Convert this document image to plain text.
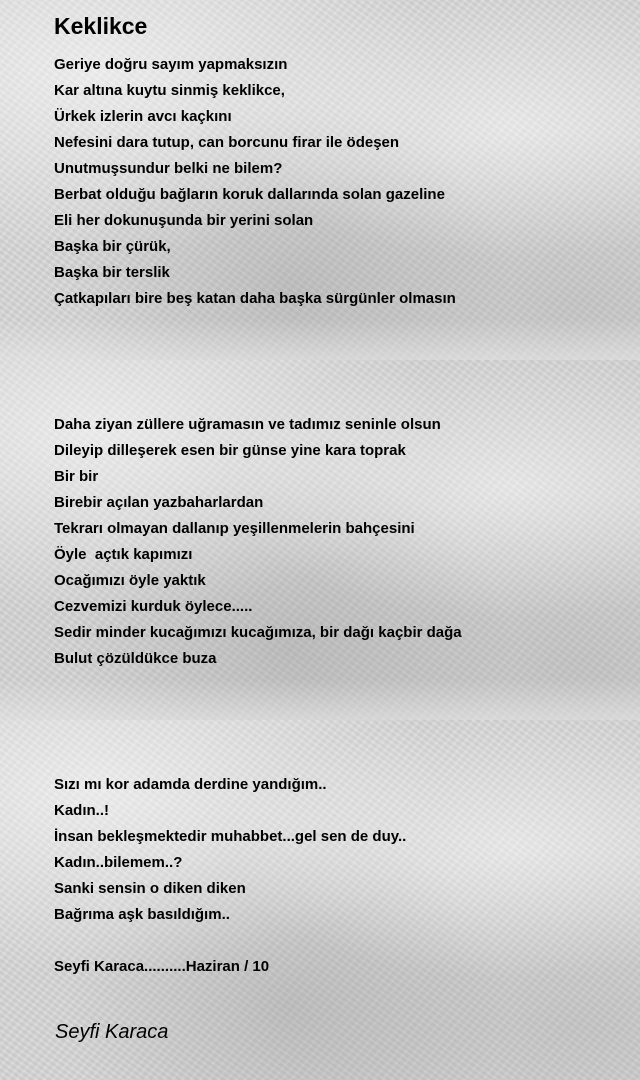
Keklikce
Geriye doğru sayım yapmaksızın
Kar altına kuytu sinmiş keklikce,
Ürkek izlerin avcı kaçkını
Nefesini dara tutup, can borcunu firar ile ödeşen
Unutmuşsundur belki ne bilem?
Berbat olduğu bağların koruk dallarında solan gazeline
Eli her dokunuşunda bir yerini solan
Başka bir çürük,
Başka bir terslik
Çatkapıları bire beş katan daha başka sürgünler olmasın
Daha ziyan züllere uğramasın ve tadımız seninle olsun
Dileyip dilleşerek esen bir günse yine kara toprak
Bir bir
Birebir açılan yazbaharlardan
Tekrarı olmayan dallanıp yeşillenmelerin bahçesini
Öyle  açtık kapımızı
Ocağımızı öyle yaktık
Cezvemizi kurduk öylece.....
Sedir minder kucağımızı kucağımıza, bir dağı kaçbir dağa
Bulut çözüldükce buza
Sızı mı kor adamda derdine yandığım..
Kadın..!
İnsan bekleşmektedir muhabbet...gel sen de duy..
Kadın..bilemem..?
Sanki sensin o diken diken
Bağrıma aşk basıldığım..
Seyfi Karaca..........Haziran / 10
Seyfi Karaca
